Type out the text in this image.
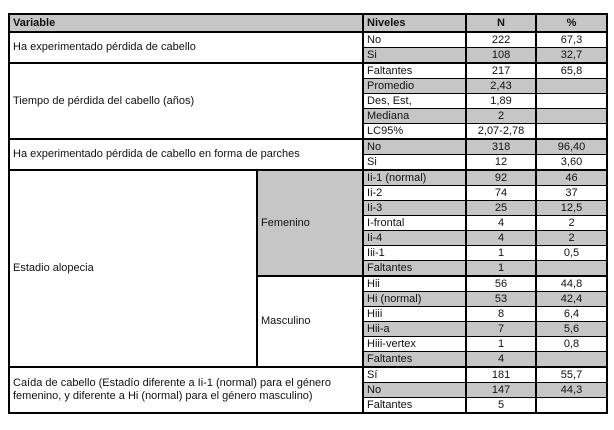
Variable		Niveles	N	%
Ha experimentado pérdida de cabello		No	222	67,3
		Si	108	32,7
Tiempo de pérdida del cabello (años)		Faltantes	217	65,8
		Promedio	2,43	
		Des, Est,	1,89	
		Mediana	2	
		LC95%	2,07-2,78	
Ha experimentado pérdida de cabello en forma de parches		No	318	96,40
		Si	12	3,60
Estadio alopecia	Femenino	Ii-1 (normal)	92	46
		Ii-2	74	37
		Ii-3	25	12,5
		I-frontal	4	2
		Ii-4	4	2
		Iii-1	1	0,5
		Faltantes	1	
	Masculino	Hii	56	44,8
		Hi (normal)	53	42,4
		Hiii	8	6,4
		Hii-a	7	5,6
		Hiii-vertex	1	0,8
		Faltantes	4	
Caída de cabello (Estadío diferente a Ii-1 (normal) para el género femenino, y diferente a Hi (normal) para el género masculino)		Sí	181	55,7
		No	147	44,3
		Faltantes	5	
